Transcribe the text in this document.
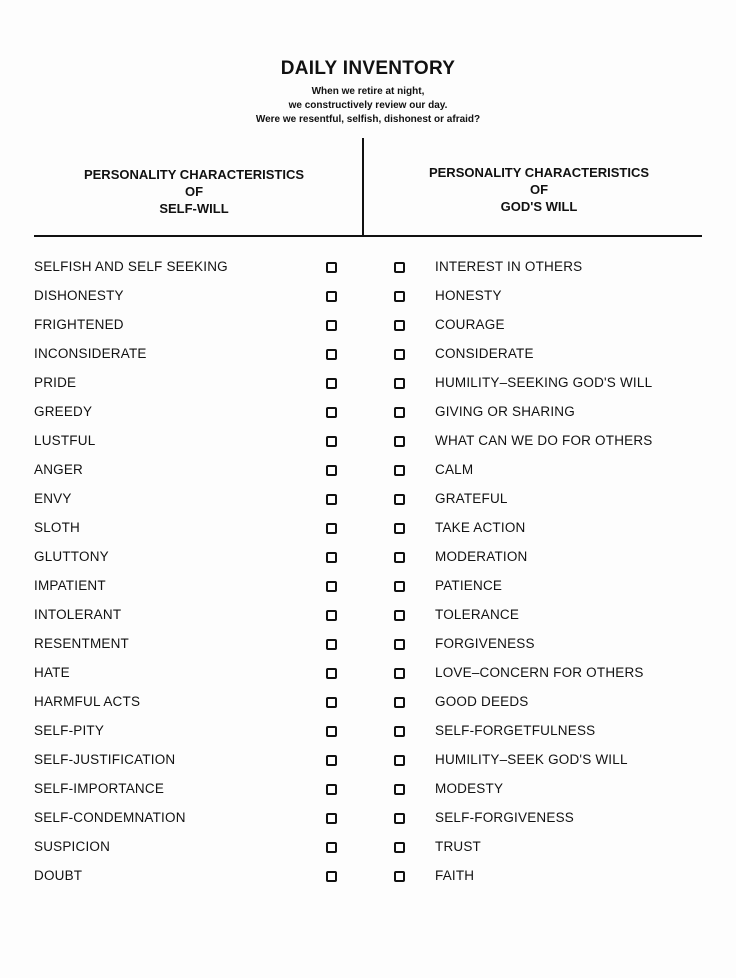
DAILY INVENTORY
When we retire at night,
we constructively review our day.
Were we resentful, selfish, dishonest or afraid?
PERSONALITY CHARACTERISTICS
OF
SELF-WILL
PERSONALITY CHARACTERISTICS
OF
GOD'S WILL
SELFISH AND SELF SEEKING	INTEREST IN OTHERS
DISHONESTY	HONESTY
FRIGHTENED	COURAGE
INCONSIDERATE	CONSIDERATE
PRIDE	HUMILITY–SEEKING GOD'S WILL
GREEDY	GIVING OR SHARING
LUSTFUL	WHAT CAN WE DO FOR OTHERS
ANGER	CALM
ENVY	GRATEFUL
SLOTH	TAKE ACTION
GLUTTONY	MODERATION
IMPATIENT	PATIENCE
INTOLERANT	TOLERANCE
RESENTMENT	FORGIVENESS
HATE	LOVE–CONCERN FOR OTHERS
HARMFUL ACTS	GOOD DEEDS
SELF-PITY	SELF-FORGETFULNESS
SELF-JUSTIFICATION	HUMILITY–SEEK GOD'S WILL
SELF-IMPORTANCE	MODESTY
SELF-CONDEMNATION	SELF-FORGIVENESS
SUSPICION	TRUST
DOUBT	FAITH
